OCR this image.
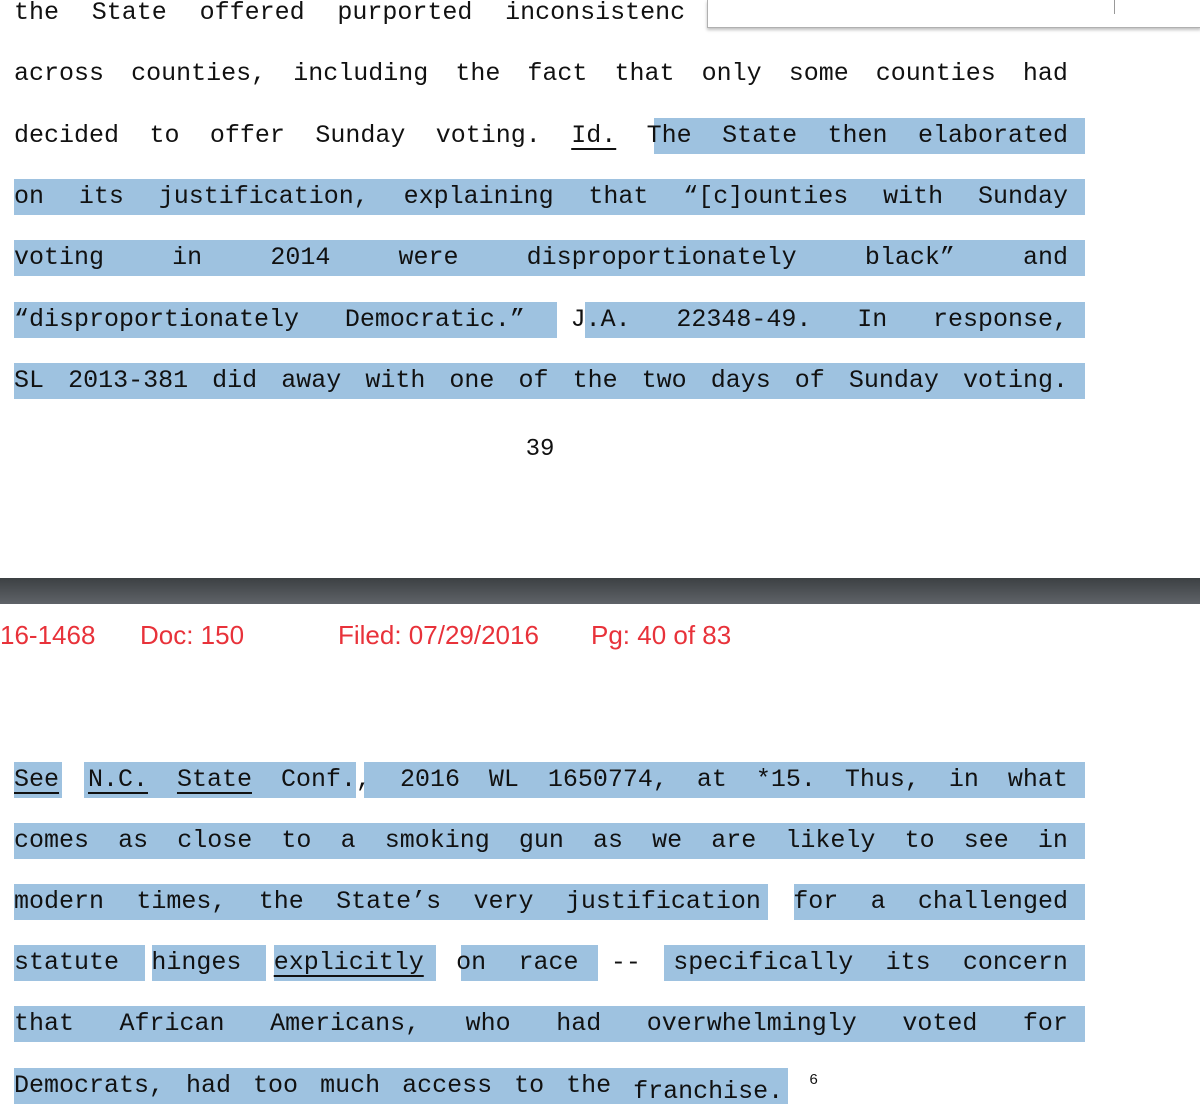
the State offered purported inconsistenc
across counties, including the fact that only some counties had
decided to offer Sunday voting. Id. The State then elaborated
on its justification, explaining that “[c]ounties with Sunday
voting	in	2014	were	disproportionately	black”	and
“disproportionately Democratic.” J.A. 22348-49. In response,
SL 2013-381 did away with one of the two days of Sunday voting.
39
16-1468 Doc: 150	Filed: 07/29/2016 Pg: 40 of 83
See N.C. State Conf., 2016 WL 1650774, at *15. Thus, in what
comes as close to a smoking gun as we are likely to see in
modern times, the State’s very justification for a challenged
statute hinges explicitly on race -- specifically its concern
that African Americans, who had overwhelmingly voted for
Democrats, had too much access to the franchise. $^6$
